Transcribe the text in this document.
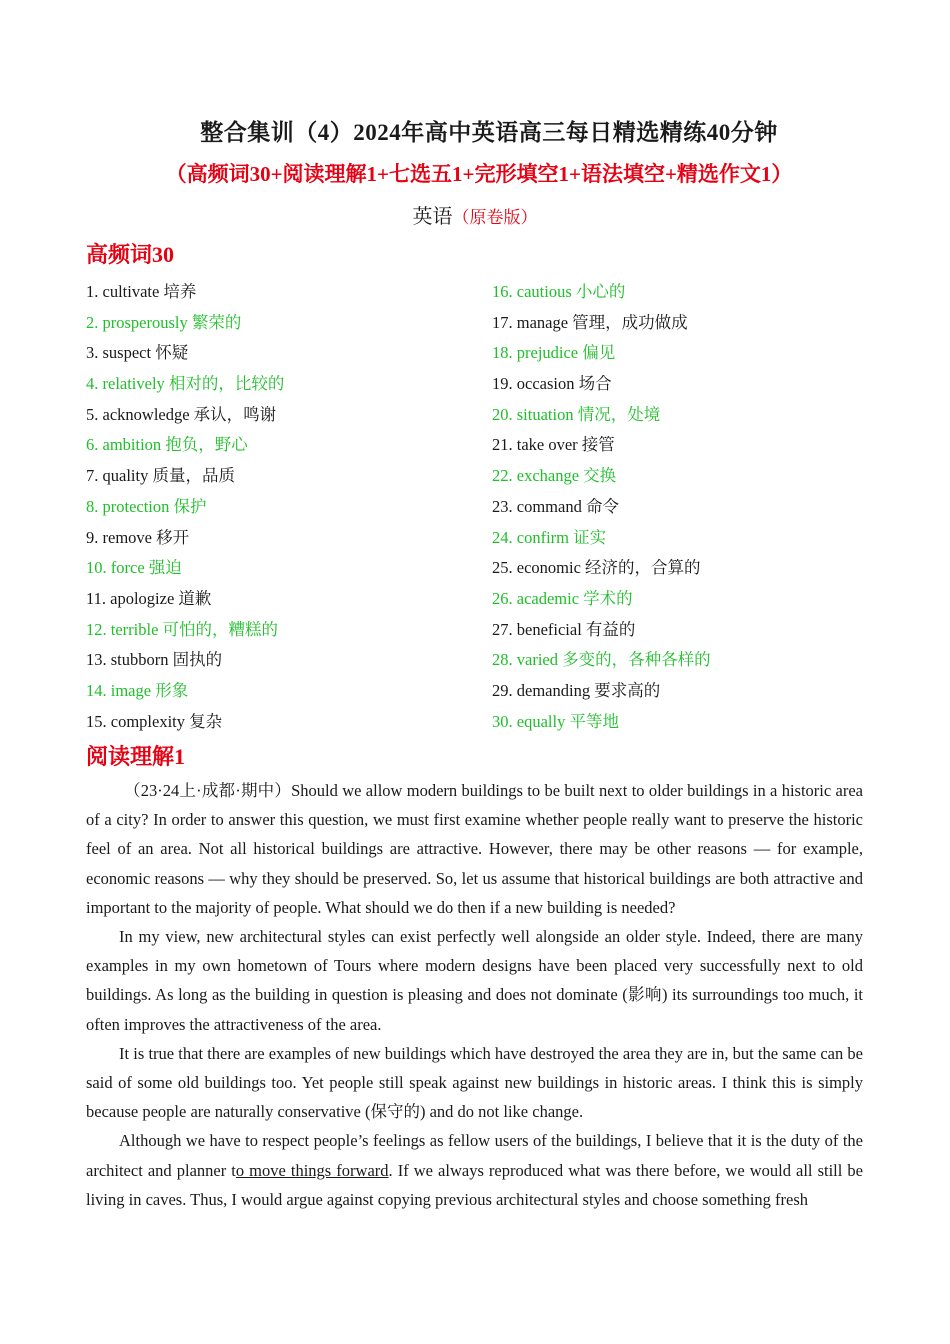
整合集训（4）2024年高中英语高三每日精选精练40分钟
（高频词30+阅读理解1+七选五1+完形填空1+语法填空+精选作文1）
英语（原卷版）
高频词30
1. cultivate 培养	16. cautious 小心的
2. prosperously 繁荣的	17. manage 管理，成功做成
3. suspect 怀疑	18. prejudice 偏见
4. relatively 相对的，比较的	19. occasion 场合
5. acknowledge 承认，鸣谢	20. situation 情况，处境
6. ambition 抱负，野心	21. take over 接管
7. quality 质量，品质	22. exchange 交换
8. protection 保护	23. command 命令
9. remove 移开	24. confirm 证实
10. force 强迫	25. economic 经济的，合算的
11. apologize 道歉	26. academic 学术的
12. terrible 可怕的，糟糕的	27. beneficial 有益的
13. stubborn 固执的	28. varied 多变的，各种各样的
14. image 形象	29. demanding 要求高的
15. complexity 复杂	30. equally 平等地
阅读理解1

（23·24上·成都·期中）Should we allow modern buildings to be built next to older buildings in a historic area of a city? In order to answer this question, we must first examine whether people really want to preserve the historic feel of an area. Not all historical buildings are attractive. However, there may be other reasons — for example, economic reasons — why they should be preserved. So, let us assume that historical buildings are both attractive and important to the majority of people. What should we do then if a new building is needed?

In my view, new architectural styles can exist perfectly well alongside an older style. Indeed, there are many examples in my own hometown of Tours where modern designs have been placed very successfully next to old buildings. As long as the building in question is pleasing and does not dominate (影响) its surroundings too much, it often improves the attractiveness of the area.

It is true that there are examples of new buildings which have destroyed the area they are in, but the same can be said of some old buildings too. Yet people still speak against new buildings in historic areas. I think this is simply because people are naturally conservative (保守的) and do not like change.

Although we have to respect people’s feelings as fellow users of the buildings, I believe that it is the duty of the architect and planner to move things forward. If we always reproduced what was there before, we would all still be living in caves. Thus, I would argue against copying previous architectural styles and choose something fresh
